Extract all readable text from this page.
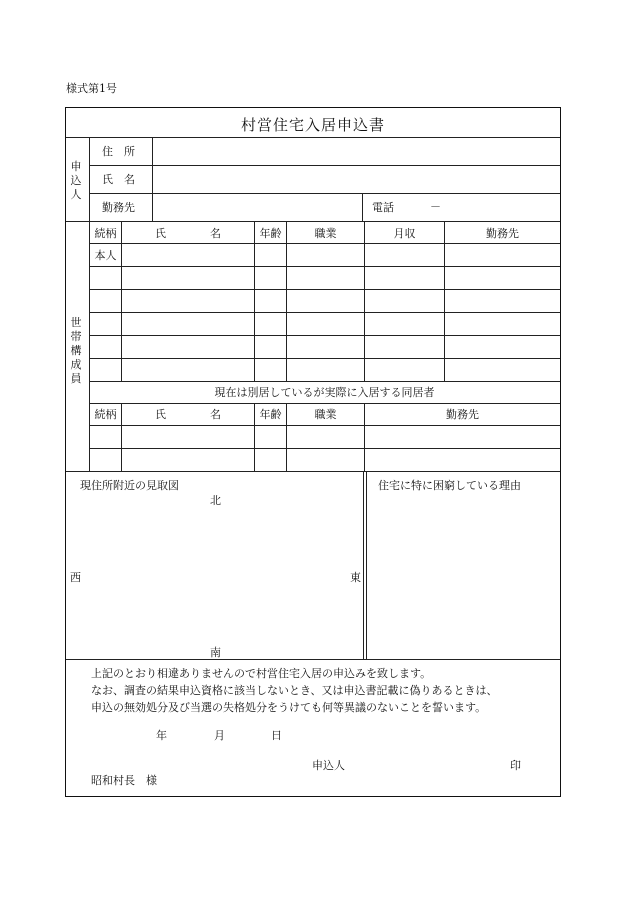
様式第1号
村営住宅入居申込書
申込人
住　所
氏　名
勤務先	電話	－
世帯構成員
続柄	氏　　　　名	年齢	職業	月収	勤務先
本人
現在は別居しているが実際に入居する同居者
続柄	氏　　　　名	年齢	職業	勤務先
現住所附近の見取図
北
西	東
南
住宅に特に困窮している理由
上記のとおり相違ありませんので村営住宅入居の申込みを致します。
なお、調査の結果申込資格に該当しないとき、又は申込書記載に偽りあるときは、
申込の無効処分及び当選の失格処分をうけても何等異議のないことを誓います。
年	月	日
申込人	印
昭和村長　様
